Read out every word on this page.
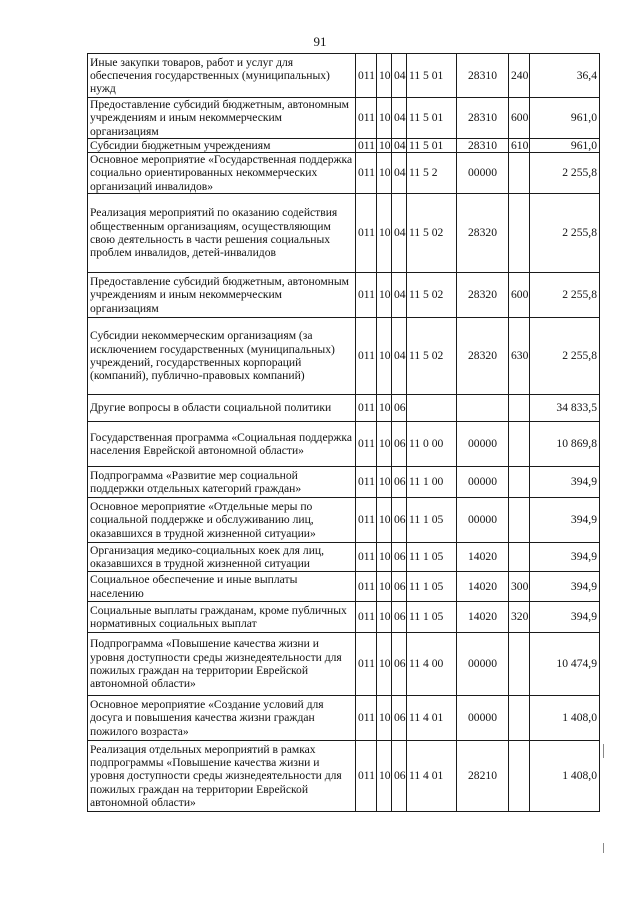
91
Иные закупки товаров, работ и услуг для обеспечения государственных (муниципальных) нужд	011	10	04	11 5 01	28310	240	36,4
Предоставление субсидий бюджетным, автономным учреждениям и иным некоммерческим организациям	011	10	04	11 5 01	28310	600	961,0
Субсидии бюджетным учреждениям	011	10	04	11 5 01	28310	610	961,0
Основное мероприятие «Государственная поддержка социально ориентированных некоммерческих организаций инвалидов»	011	10	04	11 5 2	00000		2 255,8
Реализация мероприятий по оказанию содействия общественным организациям, осуществляющим свою деятельность в части решения социальных проблем инвалидов, детей-инвалидов	011	10	04	11 5 02	28320		2 255,8
Предоставление субсидий бюджетным, автономным учреждениям и иным некоммерческим организациям	011	10	04	11 5 02	28320	600	2 255,8
Субсидии некоммерческим организациям (за исключением государственных (муниципальных) учреждений, государственных корпораций (компаний), публично-правовых компаний)	011	10	04	11 5 02	28320	630	2 255,8
Другие вопросы в области социальной политики	011	10	06				34 833,5
Государственная программа «Социальная поддержка населения Еврейской автономной области»	011	10	06	11 0 00	00000		10 869,8
Подпрограмма «Развитие мер социальной поддержки отдельных категорий граждан»	011	10	06	11 1 00	00000		394,9
Основное мероприятие «Отдельные меры по социальной поддержке и обслуживанию лиц, оказавшихся в трудной жизненной ситуации»	011	10	06	11 1 05	00000		394,9
Организация медико-социальных коек для лиц, оказавшихся в трудной жизненной ситуации	011	10	06	11 1 05	14020		394,9
Социальное обеспечение и иные выплаты населению	011	10	06	11 1 05	14020	300	394,9
Социальные выплаты гражданам, кроме публичных нормативных социальных выплат	011	10	06	11 1 05	14020	320	394,9
Подпрограмма «Повышение качества жизни и уровня доступности среды жизнедеятельности для пожилых граждан на территории Еврейской автономной области»	011	10	06	11 4 00	00000		10 474,9
Основное мероприятие «Создание условий для досуга и повышения качества жизни граждан пожилого возраста»	011	10	06	11 4 01	00000		1 408,0
Реализация отдельных мероприятий в рамках подпрограммы «Повышение качества жизни и уровня доступности среды жизнедеятельности для пожилых граждан на территории Еврейской автономной области»	011	10	06	11 4 01	28210		1 408,0
